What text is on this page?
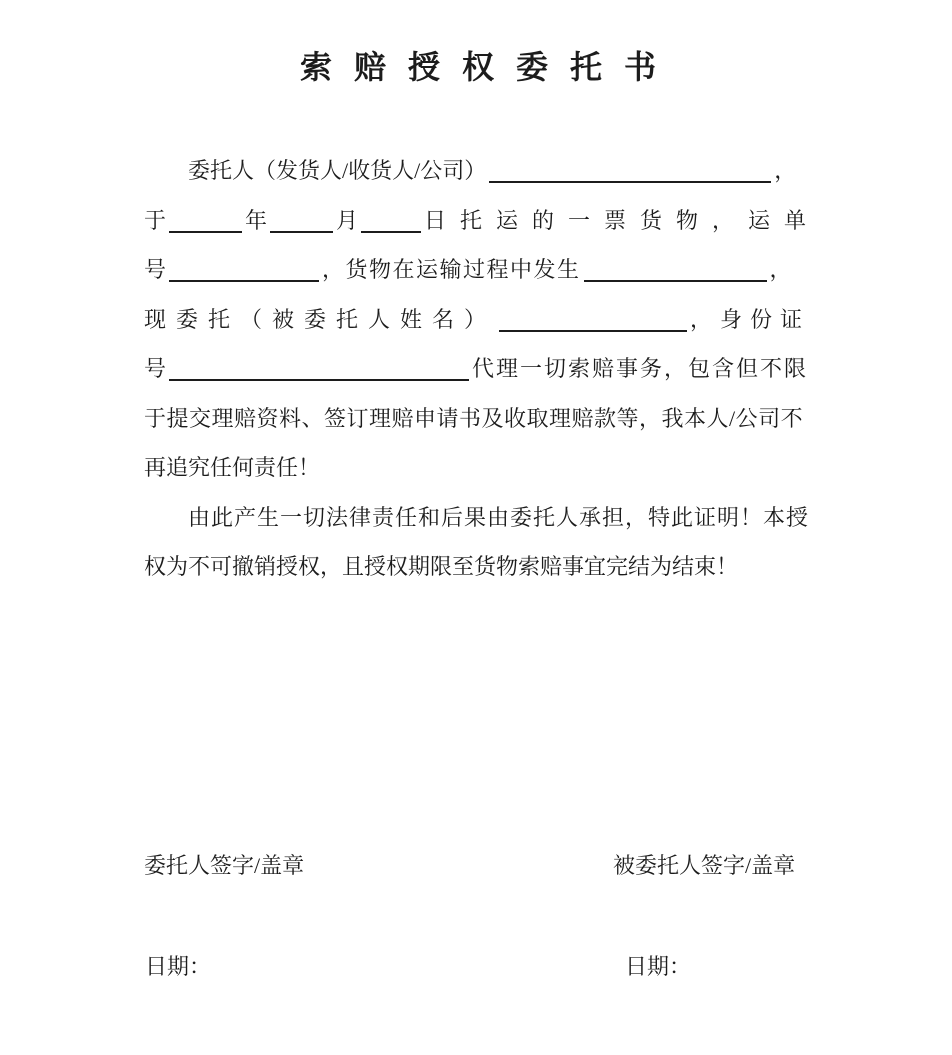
索赔授权委托书
委托人（发货人/收货人/公司）	，
于	年	月	日托运的一票货物，运单
号	，货物在运输过程中发生	，
现委托（被委托人姓名）	，身份证
号	代理一切索赔事务，包含但不限
于提交理赔资料、签订理赔申请书及收取理赔款等，我本人/公司不
再追究任何责任！
由此产生一切法律责任和后果由委托人承担，特此证明！本授
权为不可撤销授权，且授权期限至货物索赔事宜完结为结束！
委托人签字/盖章	被委托人签字/盖章
日期：	日期：
